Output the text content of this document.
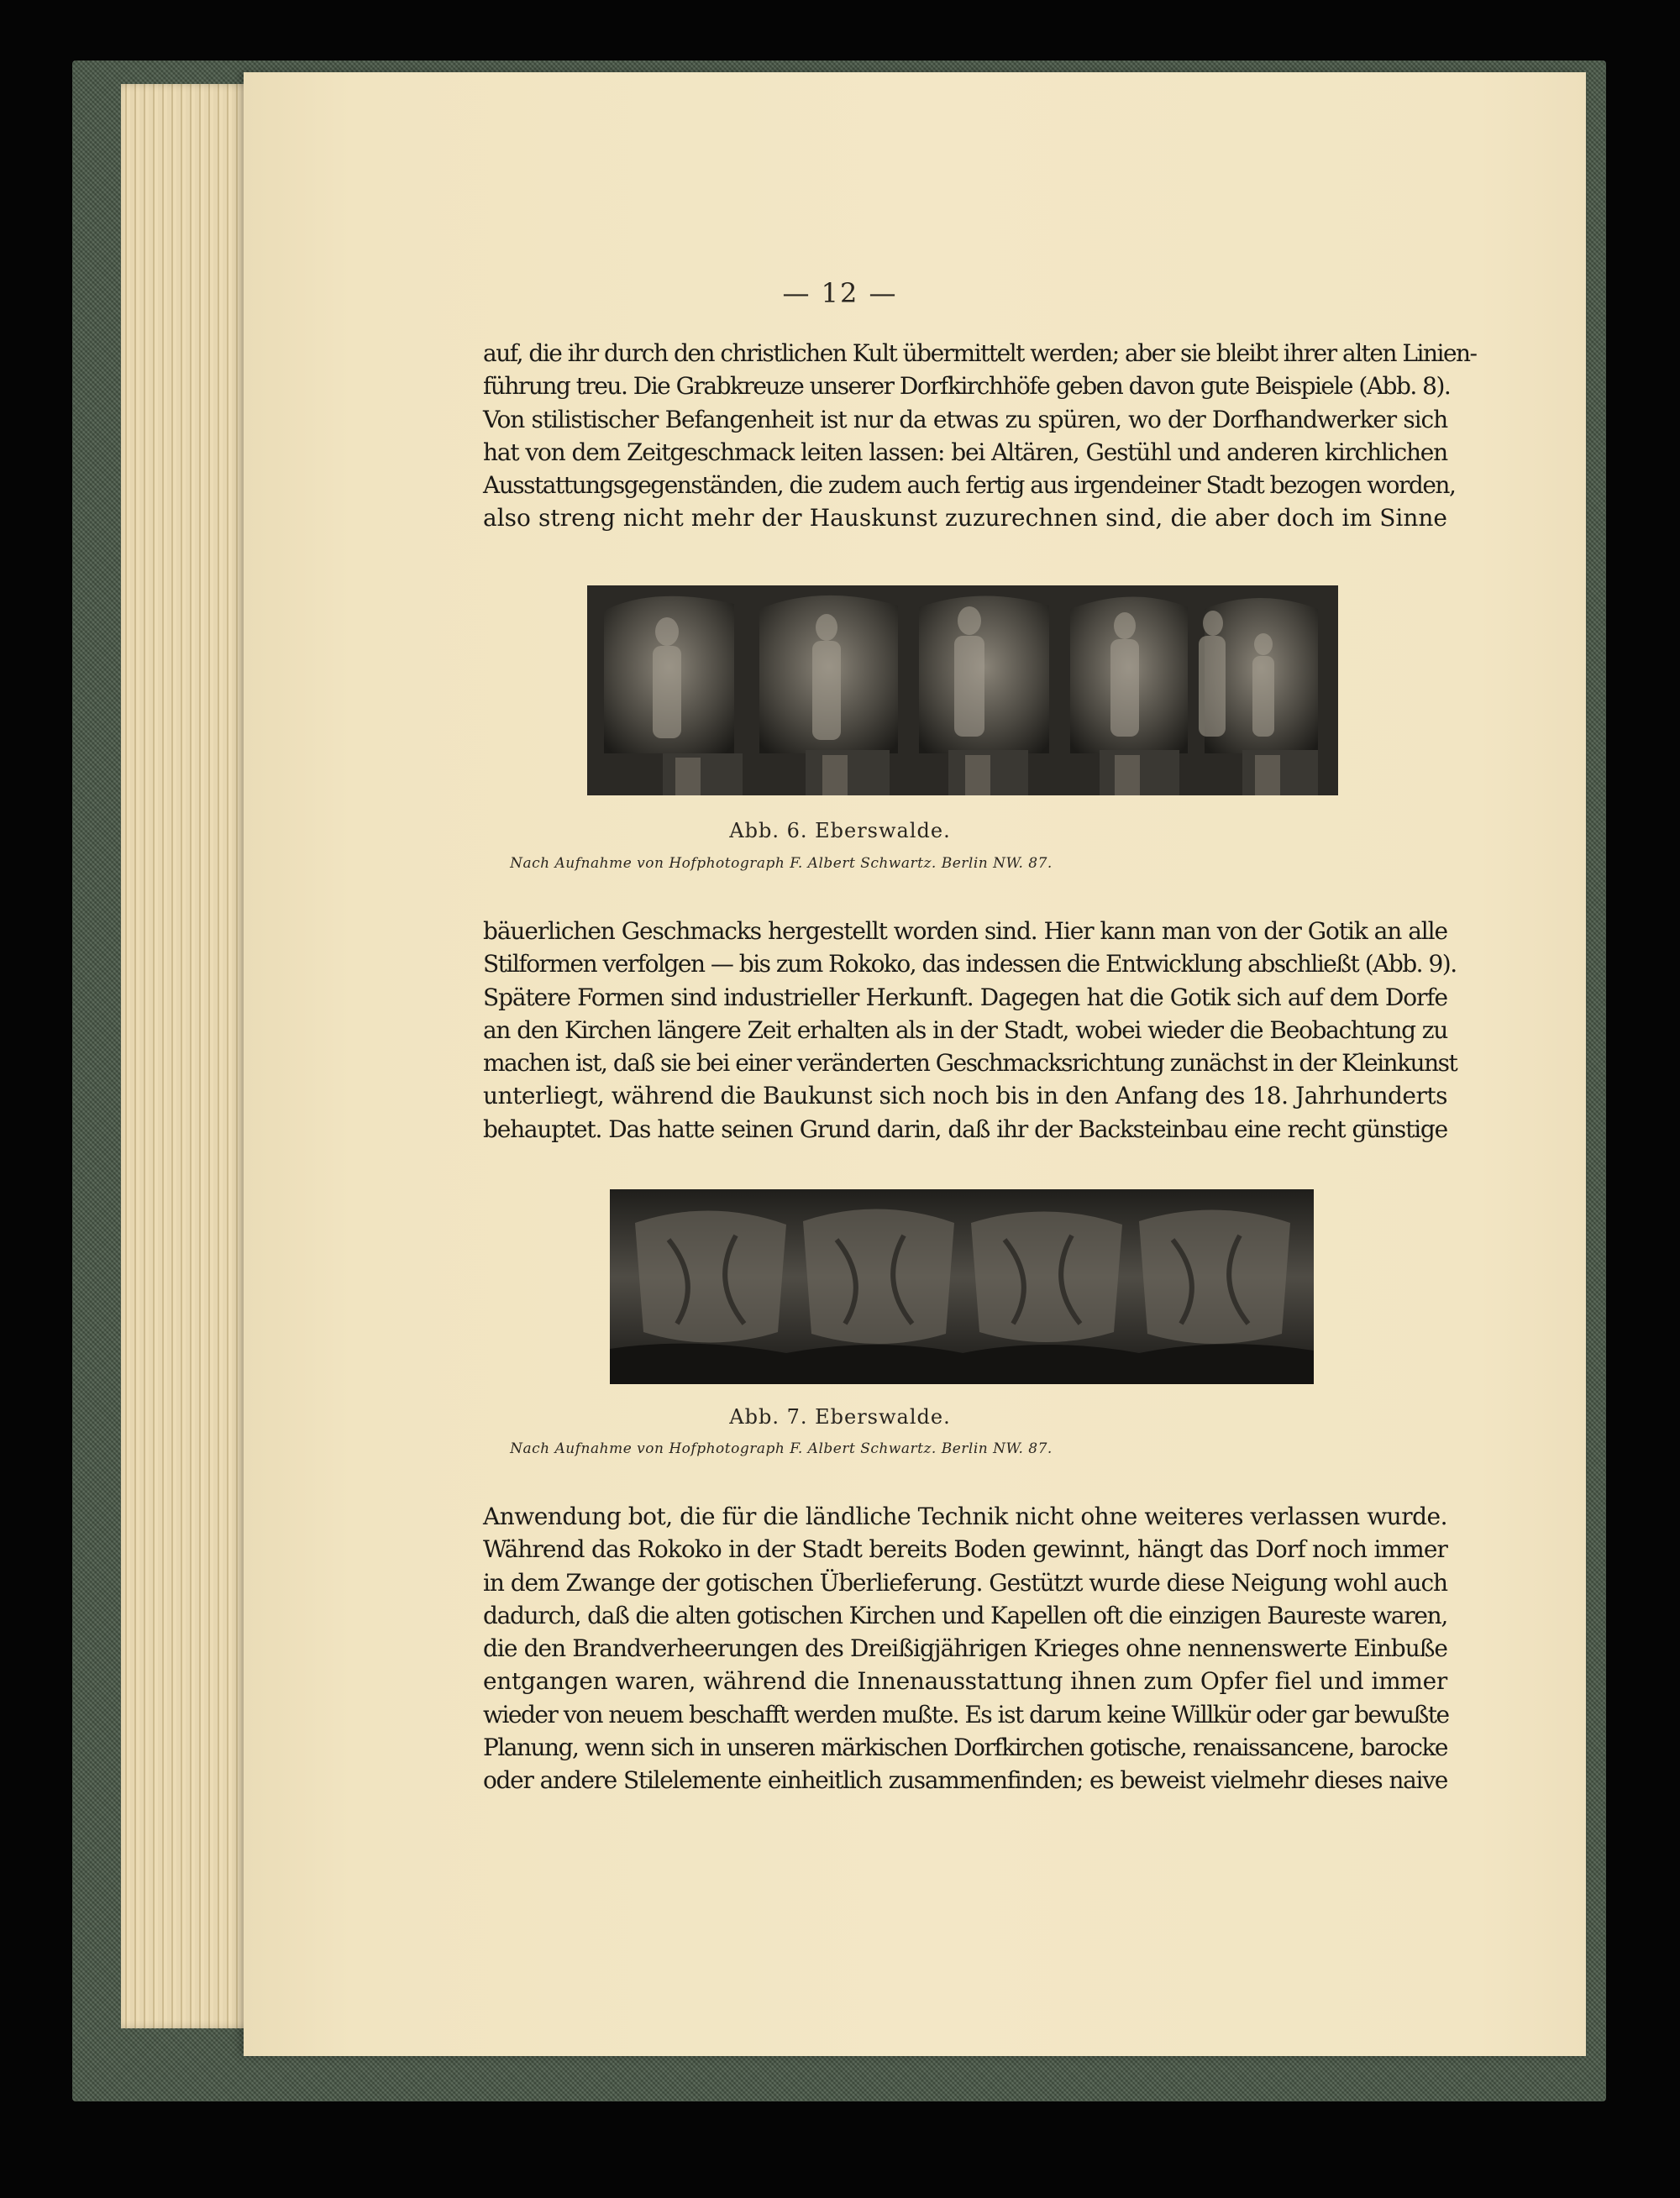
— 12 —
auf, die ihr durch den christlichen Kult übermittelt werden; aber sie bleibt ihrer alten Linien-
führung treu. Die Grabkreuze unserer Dorfkirchhöfe geben davon gute Beispiele (Abb. 8).
Von stilistischer Befangenheit ist nur da etwas zu spüren, wo der Dorfhandwerker sich
hat von dem Zeitgeschmack leiten lassen: bei Altären, Gestühl und anderen kirchlichen
Ausstattungsgegenständen, die zudem auch fertig aus irgendeiner Stadt bezogen worden,
also streng nicht mehr der Hauskunst zuzurechnen sind, die aber doch im Sinne
Abb. 6. Eberswalde.
Nach Aufnahme von Hofphotograph F. Albert Schwartz. Berlin NW. 87.
bäuerlichen Geschmacks hergestellt worden sind. Hier kann man von der Gotik an alle
Stilformen verfolgen — bis zum Rokoko, das indessen die Entwicklung abschließt (Abb. 9).
Spätere Formen sind industrieller Herkunft. Dagegen hat die Gotik sich auf dem Dorfe
an den Kirchen längere Zeit erhalten als in der Stadt, wobei wieder die Beobachtung zu
machen ist, daß sie bei einer veränderten Geschmacksrichtung zunächst in der Kleinkunst
unterliegt, während die Baukunst sich noch bis in den Anfang des 18. Jahrhunderts
behauptet. Das hatte seinen Grund darin, daß ihr der Backsteinbau eine recht günstige
Abb. 7. Eberswalde.
Nach Aufnahme von Hofphotograph F. Albert Schwartz. Berlin NW. 87.
Anwendung bot, die für die ländliche Technik nicht ohne weiteres verlassen wurde.
Während das Rokoko in der Stadt bereits Boden gewinnt, hängt das Dorf noch immer
in dem Zwange der gotischen Überlieferung. Gestützt wurde diese Neigung wohl auch
dadurch, daß die alten gotischen Kirchen und Kapellen oft die einzigen Baureste waren,
die den Brandverheerungen des Dreißigjährigen Krieges ohne nennenswerte Einbuße
entgangen waren, während die Innenausstattung ihnen zum Opfer fiel und immer
wieder von neuem beschafft werden mußte. Es ist darum keine Willkür oder gar bewußte
Planung, wenn sich in unseren märkischen Dorfkirchen gotische, renaissancene, barocke
oder andere Stilelemente einheitlich zusammenfinden; es beweist vielmehr dieses naive
